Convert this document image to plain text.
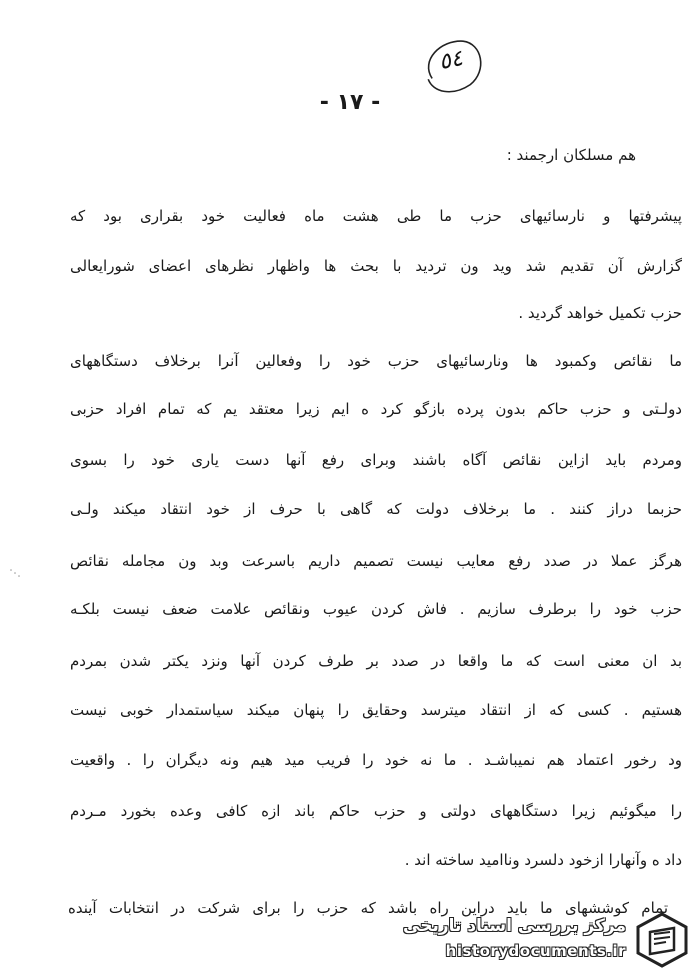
٥٤
- ١٧ -
هم مسلکان ارجمند :
پیشرفتها و نارسائیهای حزب ما طی هشت ماه فعالیت خود بقراری بود که
گزارش آن تقدیم شد وید ون تردید با بحث ها واظهار نظرهای اعضای شورایعالی
حزب تکمیل خواهد گردید .
ما نقائص وکمبود ها ونارسائیهای حزب خود را وفعالین آنرا برخلاف دستگاههای
دولـتی و حزب حاکم بدون پرده بازگو کرد ه ایم زیرا معتقد یم که تمام افراد حزبی
ومردم باید ازاین نقائص آگاه باشند وبرای رفع آنها دست یاری خود را بسوی
حزبما دراز کنند . ما برخلاف دولت که گاهی با حرف از خود انتقاد میکند ولـی
هرگز عملا در صدد رفع معایب نیست تصمیم داریم باسرعت وبد ون مجامله نقائص
حزب خود را برطرف سازیم . فاش کردن عیوب ونقائص علامت ضعف نیست بلکـه
بد ان معنی است که ما واقعا در صدد بر طرف کردن آنها ونزد یکتر شدن بمردم
هستیم . کسی که از انتقاد میترسد وحقایق را پنهان میکند سیاستمدار خوبی نیست
ود رخور اعتماد هم نمیباشـد . ما نه خود را فریب مید هیم ونه دیگران را . واقعیت
را میگوئیم زیرا دستگاههای دولتی و حزب حاکم باند ازه کافی وعده بخورد مـردم
داد ه وآنهارا ازخود دلسرد وناامید ساخته اند .
تمام کوششهای ما باید دراین راه باشد که حزب را برای شرکت در انتخابات آینده
مرکز بررسی اسناد تاریخی
historydocuments.ir
